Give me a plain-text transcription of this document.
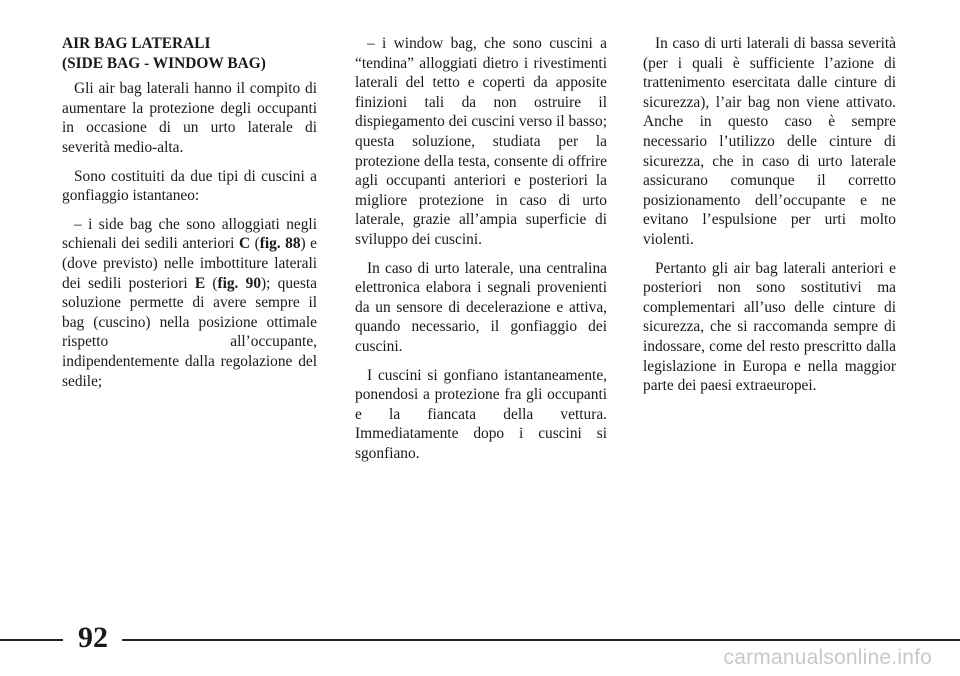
AIR BAG LATERALI
(SIDE BAG - WINDOW BAG)

Gli air bag laterali hanno il compito di aumentare la protezione degli occupanti in occasione di un urto laterale di severità medio-alta.

Sono costituiti da due tipi di cuscini a gonfiaggio istantaneo:

– i side bag che sono alloggiati negli schienali dei sedili anteriori C (fig. 88) e (dove previsto) nelle imbottiture laterali dei sedili posteriori E (fig. 90); questa soluzione permette di avere sempre il bag (cuscino) nella posizione ottimale rispetto all’occupante, indipendentemente dalla regolazione del sedile;

– i window bag, che sono cuscini a “tendina” alloggiati dietro i rivestimenti laterali del tetto e coperti da apposite finizioni tali da non ostruire il dispiegamento dei cuscini verso il basso; questa soluzione, studiata per la protezione della testa, consente di offrire agli occupanti anteriori e posteriori la migliore protezione in caso di urto laterale, grazie all’ampia superficie di sviluppo dei cuscini.

In caso di urto laterale, una centralina elettronica elabora i segnali provenienti da un sensore di decelerazione e attiva, quando necessario, il gonfiaggio dei cuscini.

I cuscini si gonfiano istantaneamente, ponendosi a protezione fra gli occupanti e la fiancata della vettura. Immediatamente dopo i cuscini si sgonfiano.

In caso di urti laterali di bassa severità (per i quali è sufficiente l’azione di trattenimento esercitata dalle cinture di sicurezza), l’air bag non viene attivato. Anche in questo caso è sempre necessario l’utilizzo delle cinture di sicurezza, che in caso di urto laterale assicurano comunque il corretto posizionamento dell’occupante e ne evitano l’espulsione per urti molto violenti.

Pertanto gli air bag laterali anteriori e posteriori non sono sostitutivi ma complementari all’uso delle cinture di sicurezza, che si raccomanda sempre di indossare, come del resto prescritto dalla legislazione in Europa e nella maggior parte dei paesi extraeuropei.

92
carmanualsonline.info
